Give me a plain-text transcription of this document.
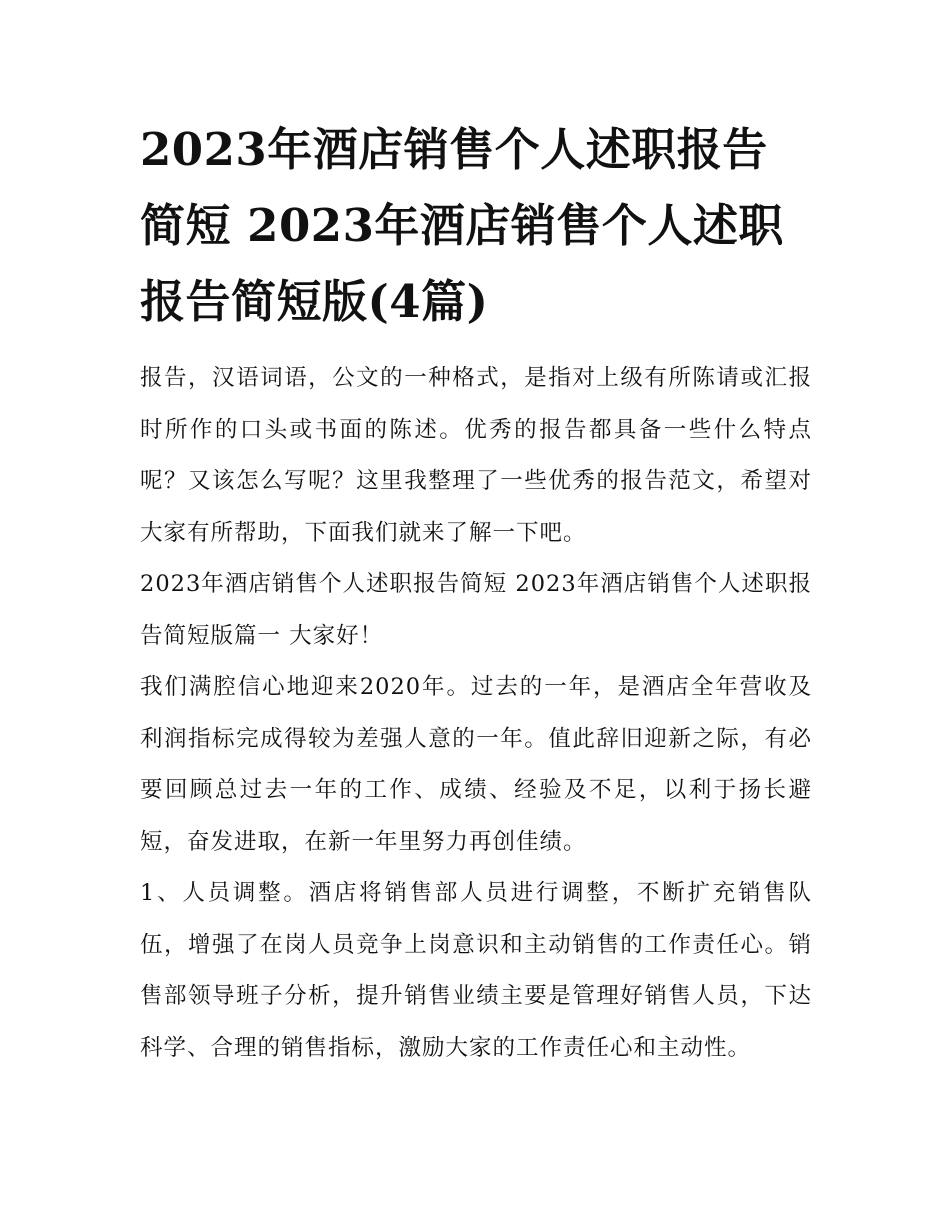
2023年酒店销售个人述职报告简短 2023年酒店销售个人述职报告简短版(4篇)

报告，汉语词语，公文的一种格式，是指对上级有所陈请或汇报时所作的口头或书面的陈述。优秀的报告都具备一些什么特点呢？又该怎么写呢？这里我整理了一些优秀的报告范文，希望对大家有所帮助，下面我们就来了解一下吧。

2023年酒店销售个人述职报告简短 2023年酒店销售个人述职报告简短版篇一 大家好！

我们满腔信心地迎来2020年。过去的一年，是酒店全年营收及利润指标完成得较为差强人意的一年。值此辞旧迎新之际，有必要回顾总过去一年的工作、成绩、经验及不足，以利于扬长避短，奋发进取，在新一年里努力再创佳绩。

1、人员调整。酒店将销售部人员进行调整，不断扩充销售队伍，增强了在岗人员竞争上岗意识和主动销售的工作责任心。销售部领导班子分析，提升销售业绩主要是管理好销售人员，下达科学、合理的销售指标，激励大家的工作责任心和主动性。
